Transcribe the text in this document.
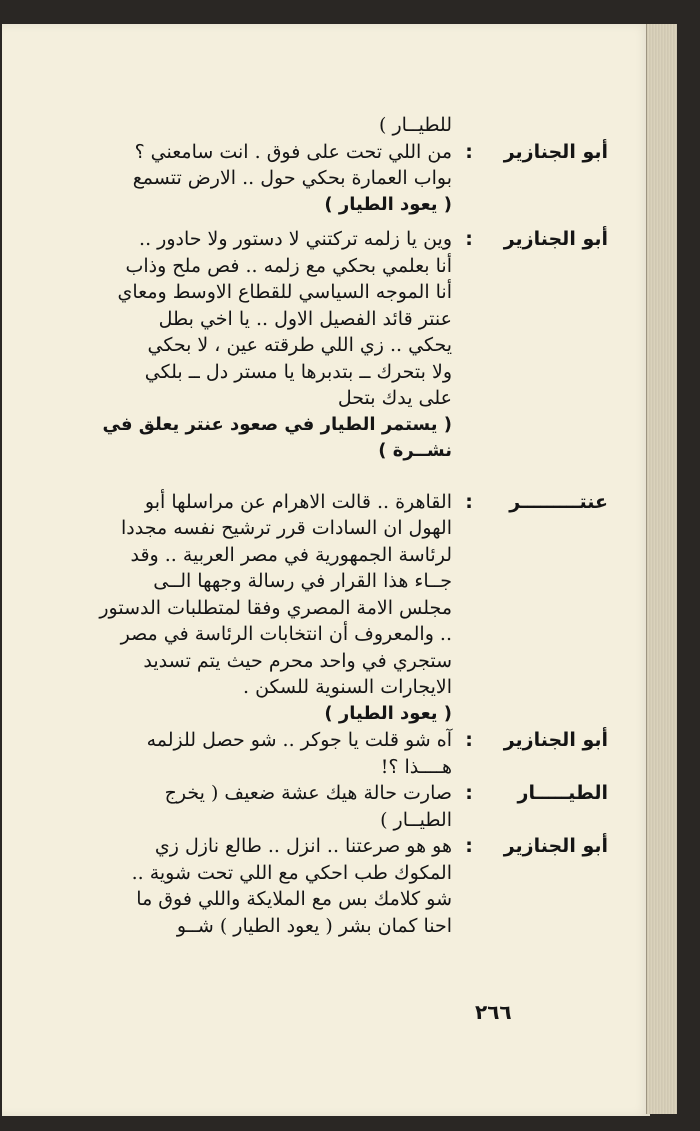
للطيــار )
أبو الجنازير
:
من اللي تحت على فوق . انت سامعني ؟
بواب العمارة بحكي حول .. الارض تتسمع
( يعود الطيار )
أبو الجنازير
:
وين يا زلمه تركتني لا دستور ولا حادور ..
أنا بعلمي بحكي مع زلمه .. فص ملح وذاب
أنا الموجه السياسي للقطاع الاوسط ومعاي
عنتر قائد الفصيل الاول .. يا اخي بطل
يحكي .. زي اللي طرقته عين ، لا بحكي
ولا بتحرك ــ بتدبرها يا مستر دل ــ بلكي
على يدك بتحل
( يستمر الطيار في صعود عنتر يعلق في
نشــرة )
عنتـــــــــر
:
القاهرة .. قالت الاهرام عن مراسلها أبو
الهول ان السادات قرر ترشيح نفسه مجددا
لرئاسة الجمهورية في مصر العربية .. وقد
جــاء هذا القرار في رسالة وجهها الــى
مجلس الامة المصري وفقا لمتطلبات الدستور
.. والمعروف أن انتخابات الرئاسة في مصر
ستجري في واحد محرم حيث يتم تسديد
الايجارات السنوية للسكن .
( يعود الطيار )
أبو الجنازير
:
آه شو قلت يا جوكر .. شو حصل للزلمه
هــــذا ؟!
الطيـــــار
:
صارت حالة هيك عشة ضعيف ( يخرج
الطيــار )
أبو الجنازير
:
هو هو صرعتنا .. انزل .. طالع نازل زي
المكوك طب احكي مع اللي تحت شوية ..
شو كلامك بس مع الملايكة واللي فوق ما
احنا كمان بشر ( يعود الطيار ) شــو
٢٦٦
